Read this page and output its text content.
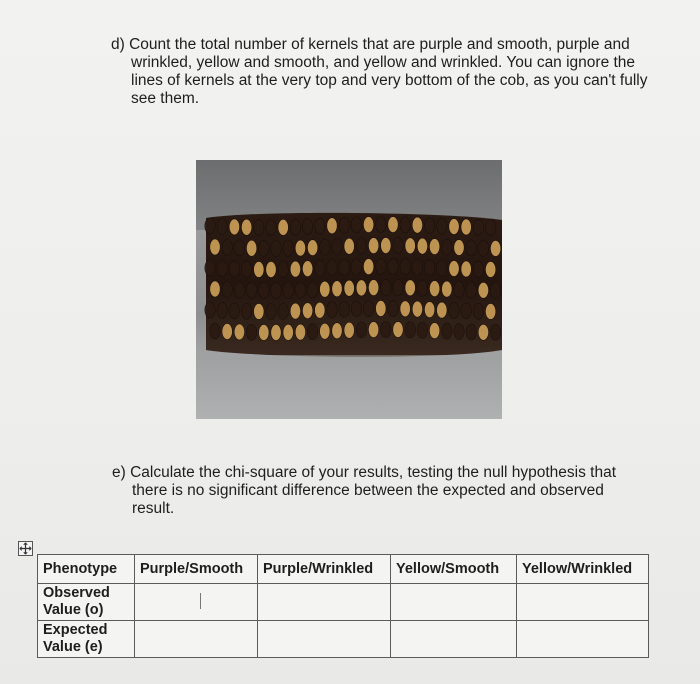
d) Count the total number of kernels that are purple and smooth, purple and
wrinkled, yellow and smooth, and yellow and wrinkled. You can ignore the lines of kernels at the very top and very bottom of the cob, as you can't fully see them.
e) Calculate the chi-square of your results, testing the null hypothesis that
there is no significant difference between the expected and observed result.
Phenotype	Purple/Smooth	Purple/Wrinkled	Yellow/Smooth	Yellow/Wrinkled
Observed Value (o)				
Expected Value (e)				
